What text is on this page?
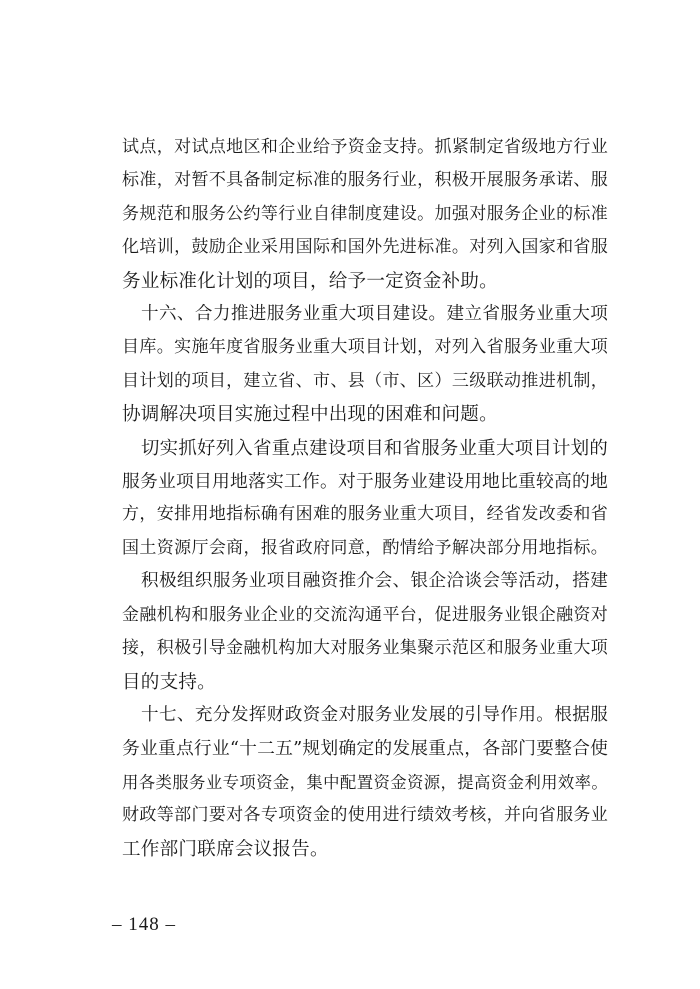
试点，对试点地区和企业给予资金支持。抓紧制定省级地方行业
标准，对暂不具备制定标准的服务行业，积极开展服务承诺、服
务规范和服务公约等行业自律制度建设。加强对服务企业的标准
化培训，鼓励企业采用国际和国外先进标准。对列入国家和省服
务业标准化计划的项目，给予一定资金补助。
十六、合力推进服务业重大项目建设。建立省服务业重大项
目库。实施年度省服务业重大项目计划，对列入省服务业重大项
目计划的项目，建立省、市、县（市、区）三级联动推进机制，
协调解决项目实施过程中出现的困难和问题。
切实抓好列入省重点建设项目和省服务业重大项目计划的
服务业项目用地落实工作。对于服务业建设用地比重较高的地
方，安排用地指标确有困难的服务业重大项目，经省发改委和省
国土资源厅会商，报省政府同意，酌情给予解决部分用地指标。
积极组织服务业项目融资推介会、银企洽谈会等活动，搭建
金融机构和服务业企业的交流沟通平台，促进服务业银企融资对
接，积极引导金融机构加大对服务业集聚示范区和服务业重大项
目的支持。
十七、充分发挥财政资金对服务业发展的引导作用。根据服
务业重点行业“十二五”规划确定的发展重点，各部门要整合使
用各类服务业专项资金，集中配置资金资源，提高资金利用效率。
财政等部门要对各专项资金的使用进行绩效考核，并向省服务业
工作部门联席会议报告。
– 148 –
